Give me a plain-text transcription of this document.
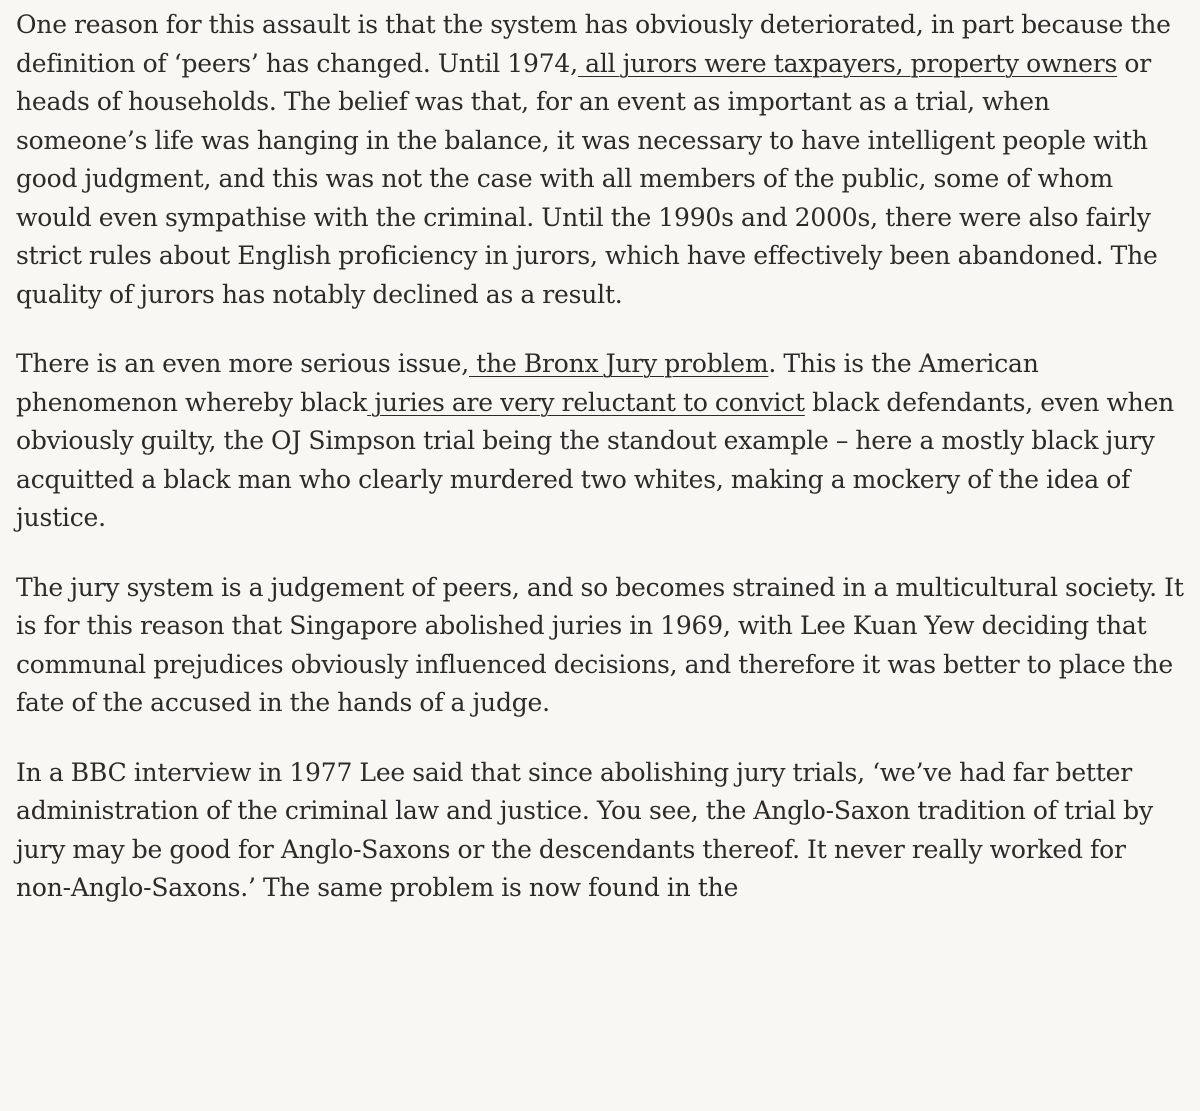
One reason for this assault is that the system has obviously deteriorated, in part because the definition of ‘peers’ has changed. Until 1974, all jurors were taxpayers, property owners or heads of households. The belief was that, for an event as important as a trial, when someone’s life was hanging in the balance, it was necessary to have intelligent people with good judgment, and this was not the case with all members of the public, some of whom would even sympathise with the criminal. Until the 1990s and 2000s, there were also fairly strict rules about English proficiency in jurors, which have effectively been abandoned. The quality of jurors has notably declined as a result.

There is an even more serious issue, the Bronx Jury problem. This is the American phenomenon whereby black juries are very reluctant to convict black defendants, even when obviously guilty, the OJ Simpson trial being the standout example – here a mostly black jury acquitted a black man who clearly murdered two whites, making a mockery of the idea of justice.

The jury system is a judgement of peers, and so becomes strained in a multicultural society. It is for this reason that Singapore abolished juries in 1969, with Lee Kuan Yew deciding that communal prejudices obviously influenced decisions, and therefore it was better to place the fate of the accused in the hands of a judge.

In a BBC interview in 1977 Lee said that since abolishing jury trials, ‘we’ve had far better administration of the criminal law and justice. You see, the Anglo-Saxon tradition of trial by jury may be good for Anglo-Saxons or the descendants thereof. It never really worked for non-Anglo-Saxons.’ The same problem is now found in the
